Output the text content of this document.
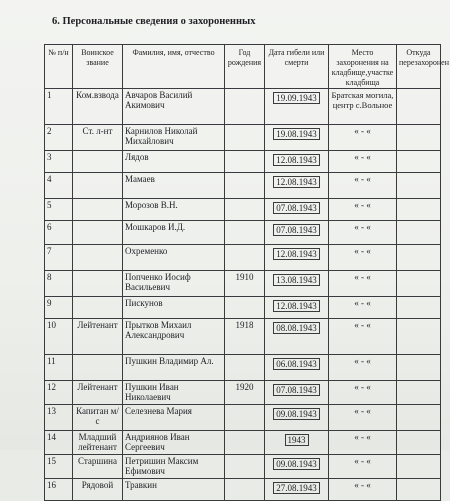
6. Персональные сведения о захороненных
№ п/н	Воинское звание	Фамилия, имя, отчество	Год рождения	Дата гибели или смерти	Место захоронения на кладбище,участке кладбища	Откуда перезахоронен
1	Ком.взвода	Авчаров Василий Акимович		19.09.1943	Братская могила, центр с.Вольное	
2	Ст. л-нт	Карнилов Николай Михайлович		19.08.1943	« - «	
3		Лядов		12.08.1943	« - «	
4		Мамаев		12.08.1943	« - «	
5		Морозов В.Н.		07.08.1943	« - «	
6		Мошкаров И.Д.		07.08.1943	« - «	
7		Охременко		12.08.1943	« - «	
8		Попченко Иосиф Васильевич	1910	13.08.1943	« - «	
9		Пискунов		12.08.1943	« - «	
10	Лейтенант	Прытков Михаил Александрович	1918	08.08.1943	« - «	
11		Пушкин Владимир Ал.		06.08.1943	« - «	
12	Лейтенант	Пушкин Иван Николаевич	1920	07.08.1943	« - «	
13	Капитан м/с	Селезнева Мария		09.08.1943	« - «	
14	Младший лейтенант	Андриянов Иван Сергеевич		1943	« - «	
15	Старшина	Петришин Максим Ефимович		09.08.1943	« - «	
16	Рядовой	Травкин		27.08.1943	« - «	
